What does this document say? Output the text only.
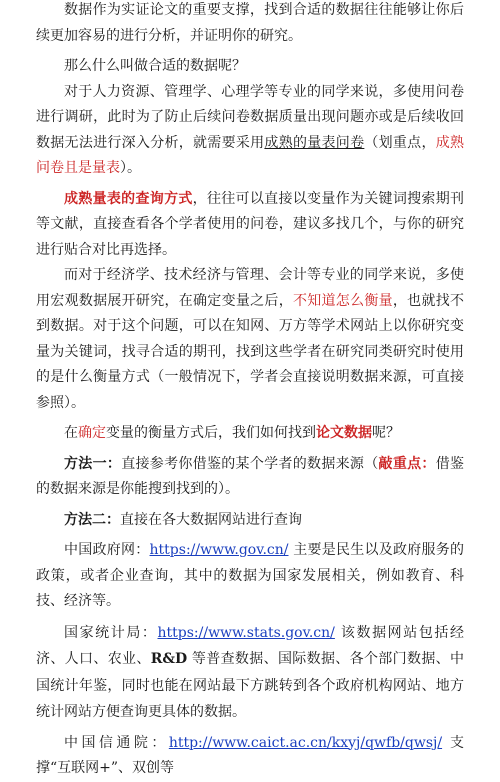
数据作为实证论文的重要支撑，找到合适的数据往往能够让你后续更加容易的进行分析，并证明你的研究。

那么什么叫做合适的数据呢？

对于人力资源、管理学、心理学等专业的同学来说，多使用问卷进行调研，此时为了防止后续问卷数据质量出现问题亦或是后续收回数据无法进行深入分析，就需要采用成熟的量表问卷（划重点，成熟问卷且是量表）。

成熟量表的查询方式，往往可以直接以变量作为关键词搜索期刊等文献，直接查看各个学者使用的问卷，建议多找几个，与你的研究进行贴合对比再选择。

而对于经济学、技术经济与管理、会计等专业的同学来说，多使用宏观数据展开研究，在确定变量之后，不知道怎么衡量，也就找不到数据。对于这个问题，可以在知网、万方等学术网站上以你研究变量为关键词，找寻合适的期刊，找到这些学者在研究同类研究时使用的是什么衡量方式（一般情况下，学者会直接说明数据来源，可直接参照）。

在确定变量的衡量方式后，我们如何找到论文数据呢？

方法一：直接参考你借鉴的某个学者的数据来源（敲重点：借鉴的数据来源是你能搜到找到的）。

方法二：直接在各大数据网站进行查询

中国政府网：https://www.gov.cn/ 主要是民生以及政府服务的政策，或者企业查询，其中的数据为国家发展相关，例如教育、科技、经济等。

国家统计局：https://www.stats.gov.cn/ 该数据网站包括经济、人口、农业、R&D 等普查数据、国际数据、各个部门数据、中国统计年鉴，同时也能在网站最下方跳转到各个政府机构网站、地方统计网站方便查询更具体的数据。

中国信通院：http://www.caict.ac.cn/kxyj/qwfb/qwsj/ 支撑“互联网+”、双创等
